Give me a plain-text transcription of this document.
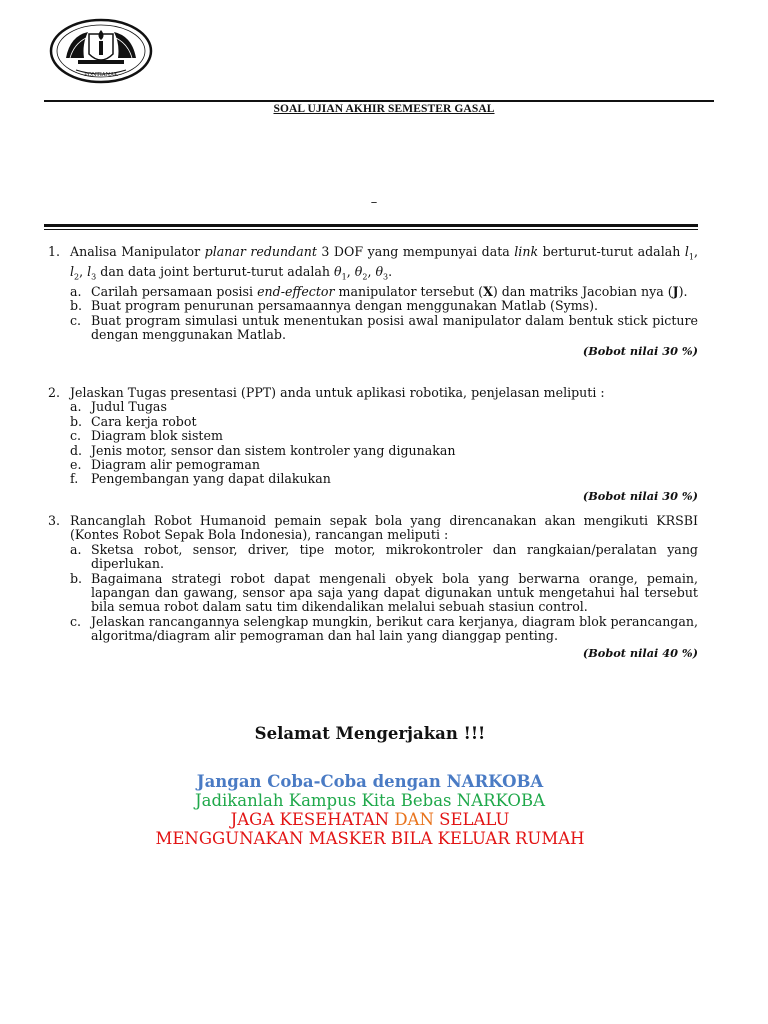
PONTIANAK
SOAL UJIAN AKHIR SEMESTER GASAL
–
1. Analisa Manipulator planar redundant 3 DOF yang mempunyai data link berturut-turut adalah $l_1$, $l_2$, $l_3$ dan data joint berturut-turut adalah $\theta_1$, $\theta_2$, $\theta_3$.
a. Carilah persamaan posisi end-effector manipulator tersebut (X) dan matriks Jacobian nya (J).
b. Buat program penurunan persamaannya dengan menggunakan Matlab (Syms).
c. Buat program simulasi untuk menentukan posisi awal manipulator dalam bentuk stick picture dengan menggunakan Matlab.
(Bobot nilai 30 %)
2. Jelaskan Tugas presentasi (PPT) anda untuk aplikasi robotika, penjelasan meliputi :
a. Judul Tugas
b. Cara kerja robot
c. Diagram blok sistem
d. Jenis motor, sensor dan sistem kontroler yang digunakan
e. Diagram alir pemograman
f.	Pengembangan yang dapat dilakukan
(Bobot nilai 30 %)
3. Rancanglah Robot Humanoid pemain sepak bola yang direncanakan akan mengikuti KRSBI (Kontes Robot Sepak Bola Indonesia), rancangan meliputi :
a. Sketsa robot, sensor, driver, tipe motor, mikrokontroler dan rangkaian/peralatan yang diperlukan.
b. Bagaimana strategi robot dapat mengenali obyek bola yang berwarna orange, pemain, lapangan dan gawang, sensor apa saja yang dapat digunakan untuk mengetahui hal tersebut bila semua robot dalam satu tim dikendalikan melalui sebuah stasiun control.
c. Jelaskan rancangannya selengkap mungkin, berikut cara kerjanya, diagram blok perancangan, algoritma/diagram alir pemograman dan hal lain yang dianggap penting.
(Bobot nilai 40 %)
Selamat Mengerjakan !!!
Jangan Coba-Coba dengan NARKOBA
Jadikanlah Kampus Kita Bebas NARKOBA
JAGA KESEHATAN DAN SELALU
MENGGUNAKAN MASKER BILA KELUAR RUMAH
